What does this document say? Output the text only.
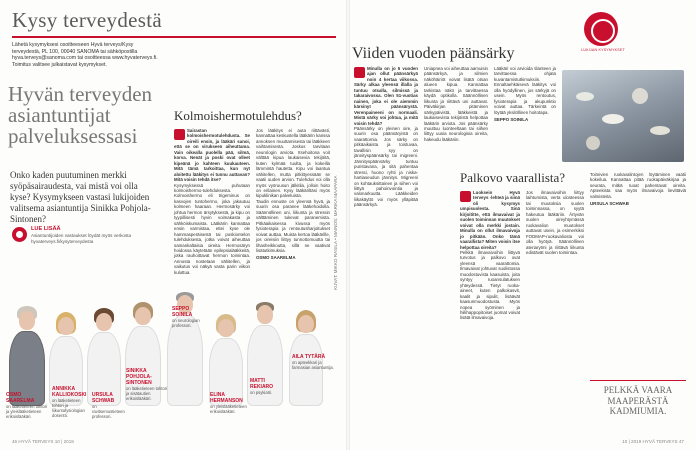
Kysy terveydestä
Lähetä kysymyksesi osoitteeseen Hyvä terveys/Kysy terveydestä, PL 100, 00040 SANOMA tai sähköpostilla hyva.terveys@sanoma.com tai osoitteessa www.hyvaterveys.fi. Toimitus valitsee julkaistavat kysymykset.
Hyvän terveyden asiantuntijat palveluksessasi
Onko kaden puutuminen merkki syöpäsairaudesta, vai mistä voi olla kyse? Kysymykseen vastasi lukijoiden valitsema asiantuntija Sinikka Pohjola-Sintonen?
LUE LISÄÄ
Asiantuntijoiden vastaukset löydät myös verkosta hyvaterveys.fi/kysyterveydesta
Kolmoishermotulehdus?
Sairastan kolmoishermotulehdusta. Se oireili ensin, ja lääkäri sanoi, että se on virukseen aiheuttama. Vain oikealla puolella pää, silmä, korva. Nenät ja poski ovat olleet kipeänä jo kahteen kuukauteen. Mitä tämä tarkoittaa, kun nyt aloitettu lääkitys ei tunnu auttavan? Mitä voisin tehdä itse?
Kysymyksessä puhutaan kolmoishermo-tulehduksesta. Kolmoishermo eli trigeminus on kasvojen tuntohermo, joka jakautuu kolmeen haaraan. Hermosärky voi johtua hermon ärsytyksestä, ja kipu on tyypillisesti hyvin voimakasta ja sähköiskumaista. Lääkärin kannattaa ensin varmistaa, ettei kyse ole hammasperäisestä tai poskiontelon tulehduksesta, jotka voivat aiheuttaa samankaltaisia oireita. Hermosäryn hoidossa käytetään epilepsialääkkeitä, jotka rauhoittavat hermon toimintaa. Annosta nostetaan vähitellen, ja vaikutus voi näkyä vasta parin viikon kuluttua.
Jos lääkitys ei auta riittävästi, kannattaa keskustella lääkärin kanssa annoksen muuttamisesta tai lääkkeen vaihtamisesta. Joskus tarvitaan neurologin arviota. Itsehoitona voit välttää kipua laukaisevia tekijöitä, kuten kylmää tuulta, ja kokeilla lämmintä hautetta. Kipu voi laantua vähitellen, mutta pitkittyessään se vaatii uuden arvion. Tulehdus voi olla myös vyöruusun jälkitila, jolloin hoito on erilainen. Kysy lääkäriltäsi myös kipuklinikan palveluista.
Taudin ennuste on yleensä hyvä, ja suurin osa paranee lääkehoidolla. Säännöllinen uni, liikunta ja stressin välttäminen tukevat paranemista. Pitkäaikaisessa kivussa myös fysioterapia ja rentoutusharjoitukset voivat auttaa. Muista kertoa lääkärille, jos oireisiin liittyy tunnottomuutta tai lihasheikkoutta, sillä ne vaativat lisätutkimuksia.
OSMO SAARELMA	KUVAT: MIKKO RASILA • MAINOS: MARIKA MAAPARA
OSMO SAARELMA
on lääketieteen tohtori ja yleislääketieteen erikoislääkäri.
ANNIKKA KALLIOKOSKI
on lääketieteen tohtori ja liikuntafysiologian dosentti.
URSULA SCHWAB
on ravitsemustieteen professori.
SINIKKA POHJOLA-SINTONEN
on lääketieteen tohtori ja sisätautien erikoislääkäri.
SEPPO SOINILA
on neurologian professori.
ELINA HERMANSON
on yleislääketieteen erikoislääkäri.
MATTI REKIARO
on psykiatri.
AILA TYTÄRÄ
on apteekkari ja farmasian asiantuntija.
46 HYVÄ TERVEYS 10 | 2019
LUKIJAN KYSYMYKSET
Viiden vuoden päänsärky
Minulla on jo 5 vuoden ajan ollut päänsärkyä noin 4 kertaa viikossa. Särky alkaa yleensä illalla ja tuntuu otsalla, silmissä ja takaraivossa. Olen 51-vuotias nainen, joka ei ole aiemmin kärsinyt päänsärystä. Verenpaineeni on normaali. Mistä särky voi johtua, ja mitä voisin tehdä?
Päänsärky on yleinen oire, ja suurin osa päänsäryistä on vaarattomia. Jos särky on pitkäaikaista ja toistuvaa, tavallisin syy on jännityspäänsärky tai migreeni. Jännityspäänsärky tuntuu puristavana, ja sitä pahentaa stressi, huono ryhti ja niska-hartiaseudun jännitys. Migreeni on kohtauksittainen ja siihen voi liittyä pahoinvointia ja valonarkuutta. Lääkkeiden liikakäyttö voi myös ylläpitää päänsärkyä.
Uniapnea voi aiheuttaa aamuisin päänsärkyä, ja silmien näköhäiriöt voivat lisätä otsan alueen kipua. Kannattaa tarkistaa näkö ja tarvittaessa käydä optikolla. Säännöllinen liikunta ja riittävä uni auttavat. Päiväkirjan pitäminen särkypäivistä, lääkkeistä ja laukaisevista tekijöistä helpottaa lääkärin arviota. Jos päänsärky muuttuu luonteeltaan tai siihen liittyy uusia neurologisia oireita, hakeudu lääkäriin.
Lääkäri voi arvioida tilanteen ja tarvittaessa ohjata kuvantamistutkimuksiin. Ennaltaehkäisevä lääkitys voi olla hyödyllinen, jos särkyjä on usein. Myös rentoutus, fysioterapia ja akupunktio voivat auttaa. Tärkeintä on löytää yksilöllinen hoitotapa.
SEPPO SOINILA
Palkovo vaarallista?
Luoksein Hyvä terveys -lehteä ja siinä oli kysymys umpisuolesta. Sinä kirjoititte, että ilmavaivat ja suolen toiminnan muutokset voivat olla merkki jostain. Minulla on ollut ilmavaivoja jo pitkään. Onko tämä vaarallista? Miten voisin itse helpottaa oireita?
Pelkkä ilmavaivoihin liittyvä turvotus ja palkovo ovat yleensä vaarattomia. Ilmavaivat johtuvat suolistossa muodostuvista kaasuista, joita syntyy ruoansulatuksen yhteydessä. Tietyt ruoka-aineet, kuten palkokasvit, kaalit ja sipulit, lisäävät kaasunmuodostusta. Myös nopea syöminen ja hiilihappopitoiset juomat voivat lisätä ilmavaivoja.
Jos ilmavaivoihin liittyy laihtumista, verta ulosteessa tai muutoksia suolen toiminnassa, on syytä hakeutua lääkäriin. Ärtyvän suolen oireyhtymässä ruokavalion muutokset auttavat usein, ja esimerkiksi FODMAP-ruokavaliosta voi olla hyötyä. Säännöllinen ateriarytmi ja riittävä liikunta edistävät suolen toimintaa.
Toimivien ruokavalintojen löytäminen vaatii kokeilua. Kannattaa pitää ruokapäiväkirjaa ja seurata, mitkä ruoat pahentavat oireita. Apteekista saa myös ilmavaivoja lievittäviä valmisteita.
URSULA SCHWAB
PELKKÄ VAARA MAAPERÄSTÄ KADMIUMIA.
10 | 2019 HYVÄ TERVEYS 47
